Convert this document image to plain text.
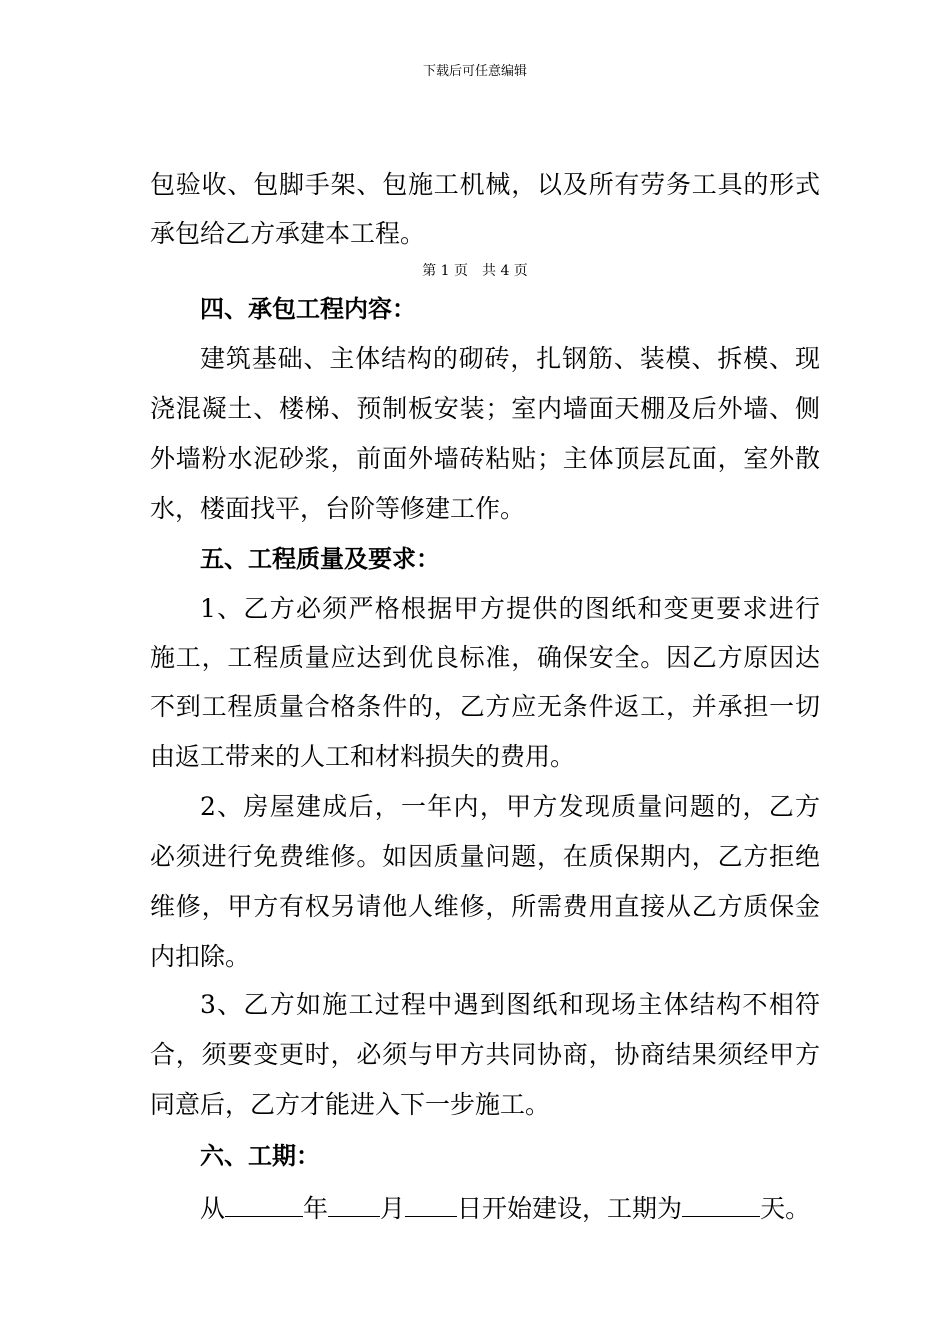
下载后可任意编辑
包验收、包脚手架、包施工机械，以及所有劳务工具的形式
承包给乙方承建本工程。
第 1 页　共 4 页
四、承包工程内容：
建筑基础、主体结构的砌砖，扎钢筋、装模、拆模、现
浇混凝土、楼梯、预制板安装；室内墙面天棚及后外墙、侧
外墙粉水泥砂浆，前面外墙砖粘贴；主体顶层瓦面，室外散
水，楼面找平，台阶等修建工作。
五、工程质量及要求：
1、乙方必须严格根据甲方提供的图纸和变更要求进行
施工，工程质量应达到优良标准，确保安全。因乙方原因达
不到工程质量合格条件的，乙方应无条件返工，并承担一切
由返工带来的人工和材料损失的费用。
2、房屋建成后，一年内，甲方发现质量问题的，乙方
必须进行免费维修。如因质量问题，在质保期内，乙方拒绝
维修，甲方有权另请他人维修，所需费用直接从乙方质保金
内扣除。
3、乙方如施工过程中遇到图纸和现场主体结构不相符
合，须要变更时，必须与甲方共同协商，协商结果须经甲方
同意后，乙方才能进入下一步施工。
六、工期：
从	年 月 日开始建设，工期为	天。
